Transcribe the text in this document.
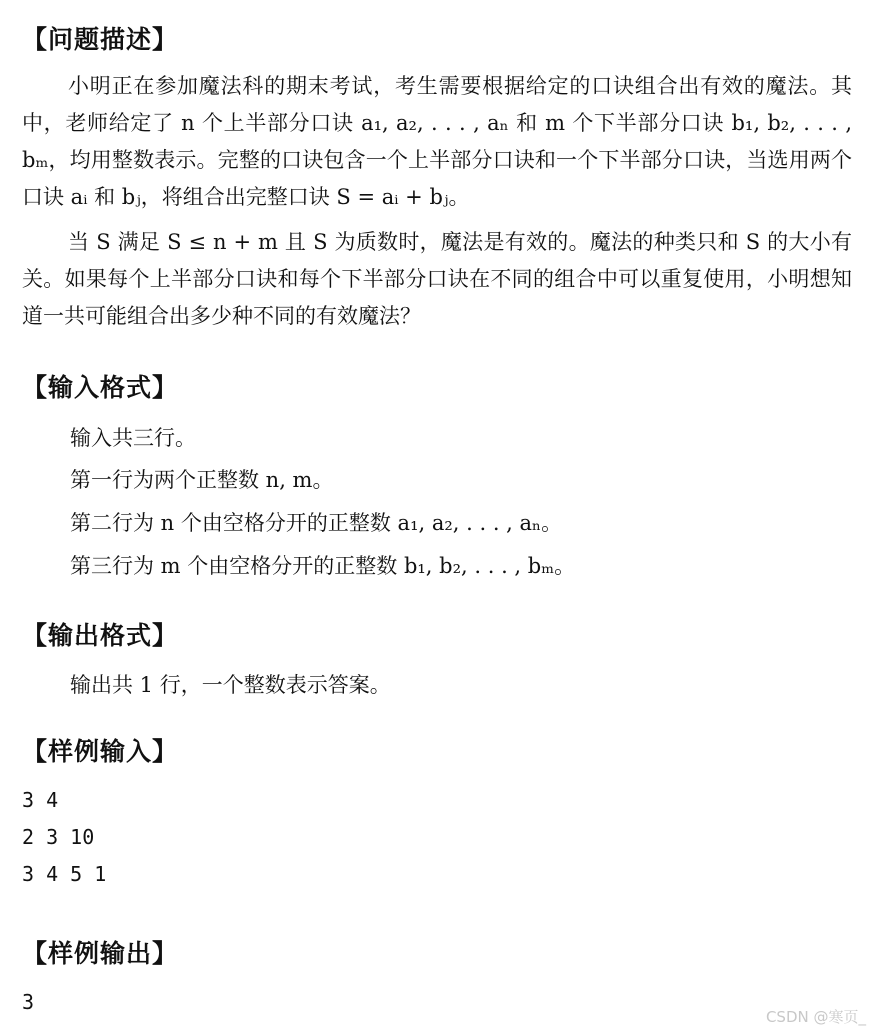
【问题描述】
小明正在参加魔法科的期末考试，考生需要根据给定的口诀组合出有效的魔法。其中，老师给定了 n 个上半部分口诀 a₁, a₂, . . . , aₙ 和 m 个下半部分口诀 b₁, b₂, . . . , bₘ，均用整数表示。完整的口诀包含一个上半部分口诀和一个下半部分口诀，当选用两个口诀 aᵢ 和 bⱼ，将组合出完整口诀 S = aᵢ + bⱼ。
当 S 满足 S ≤ n + m 且 S 为质数时，魔法是有效的。魔法的种类只和 S 的大小有关。如果每个上半部分口诀和每个下半部分口诀在不同的组合中可以重复使用，小明想知道一共可能组合出多少种不同的有效魔法？
【输入格式】
输入共三行。
第一行为两个正整数 n, m。
第二行为 n 个由空格分开的正整数 a₁, a₂, . . . , aₙ。
第三行为 m 个由空格分开的正整数 b₁, b₂, . . . , bₘ。
【输出格式】
输出共 1 行，一个整数表示答案。
【样例输入】
3 4
2 3 10
3 4 5 1
【样例输出】
3
CSDN @寒页_
